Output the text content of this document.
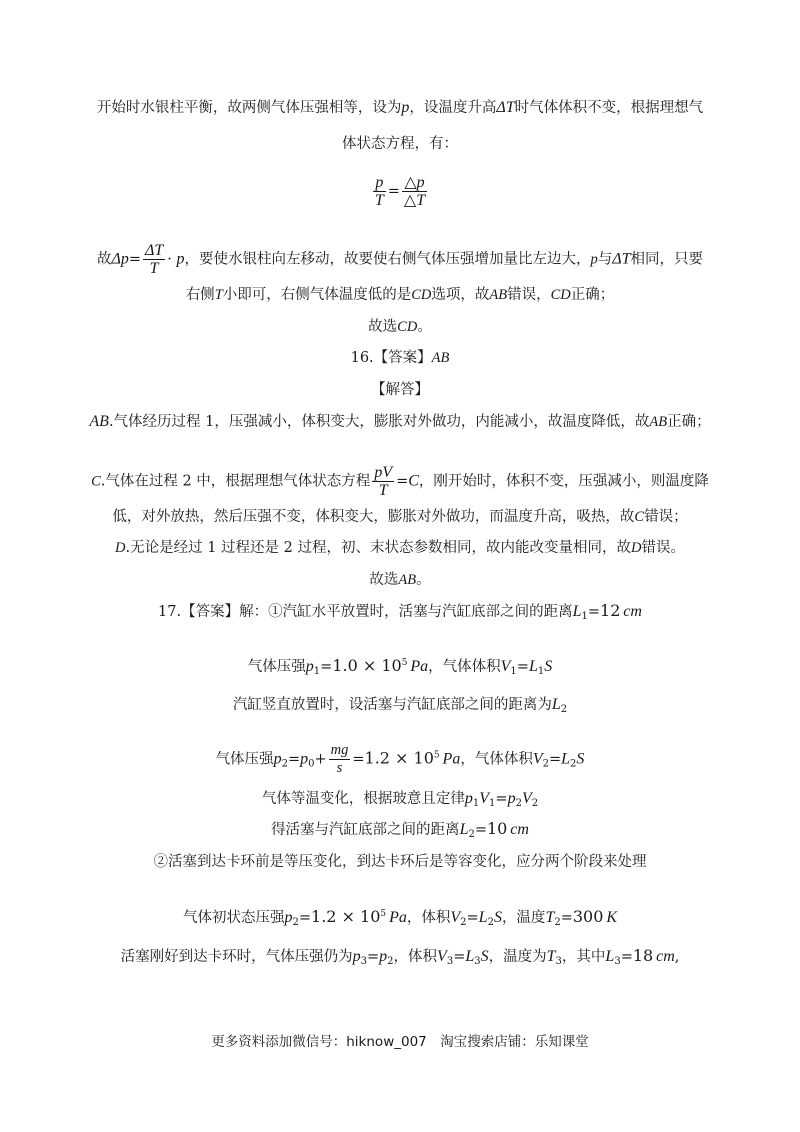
开始时水银柱平衡，故两侧气体压强相等，设为p，设温度升高ΔT时气体体积不变，根据理想气
体状态方程，有：
$\frac{p}{T} = \frac{\triangle p}{\triangle T}$
故$\Delta p= \frac{\Delta T}{T} \cdot p$，要使水银柱向左移动，故要使右侧气体压强增加量比左边大，p与ΔT相同，只要
右侧T小即可，右侧气体温度低的是CD选项，故AB错误，CD正确；
故选CD。
16.【答案】AB
【解答】
AB.气体经历过程 1，压强减小，体积变大，膨胀对外做功，内能减小，故温度降低，故AB正确；
C.气体在过程 2 中，根据理想气体状态方程 $\frac{pV}{T} =C$，刚开始时，体积不变，压强减小，则温度降
低，对外放热，然后压强不变，体积变大，膨胀对外做功，而温度升高，吸热，故C错误；
D.无论是经过 1 过程还是 2 过程，初、末状态参数相同，故内能改变量相同，故D错误。
故选AB。
17.【答案】解：①汽缸水平放置时，活塞与汽缸底部之间的距离$L_1=12$  cm
气体压强$p_1=1.0 \times 10^5$  Pa，气体体积$V_1=L_1S$
汽缸竖直放置时，设活塞与汽缸底部之间的距离为$L_2$
气体压强$p_2=p_0+ \frac{mg}{s} =1.2 \times 10^5$  Pa，气体体积$V_2=L_2S$
气体等温变化，根据玻意且定律$p_1V_1=p_2V_2$
得活塞与汽缸底部之间的距离$L_2=10$  cm
②活塞到达卡环前是等压变化，到达卡环后是等容变化，应分两个阶段来处理
气体初状态压强$p_2=1.2 \times 10^5$  Pa，体积$V_2=L_2S$，温度$T_2=300$  K
活塞刚好到达卡环时，气体压强仍为$p_3=p_2$，体积$V_3=L_3S$，温度为$T_3$，其中$L_3=18$  cm,
更多资料添加微信号：hiknow_007　淘宝搜索店铺：乐知课堂
